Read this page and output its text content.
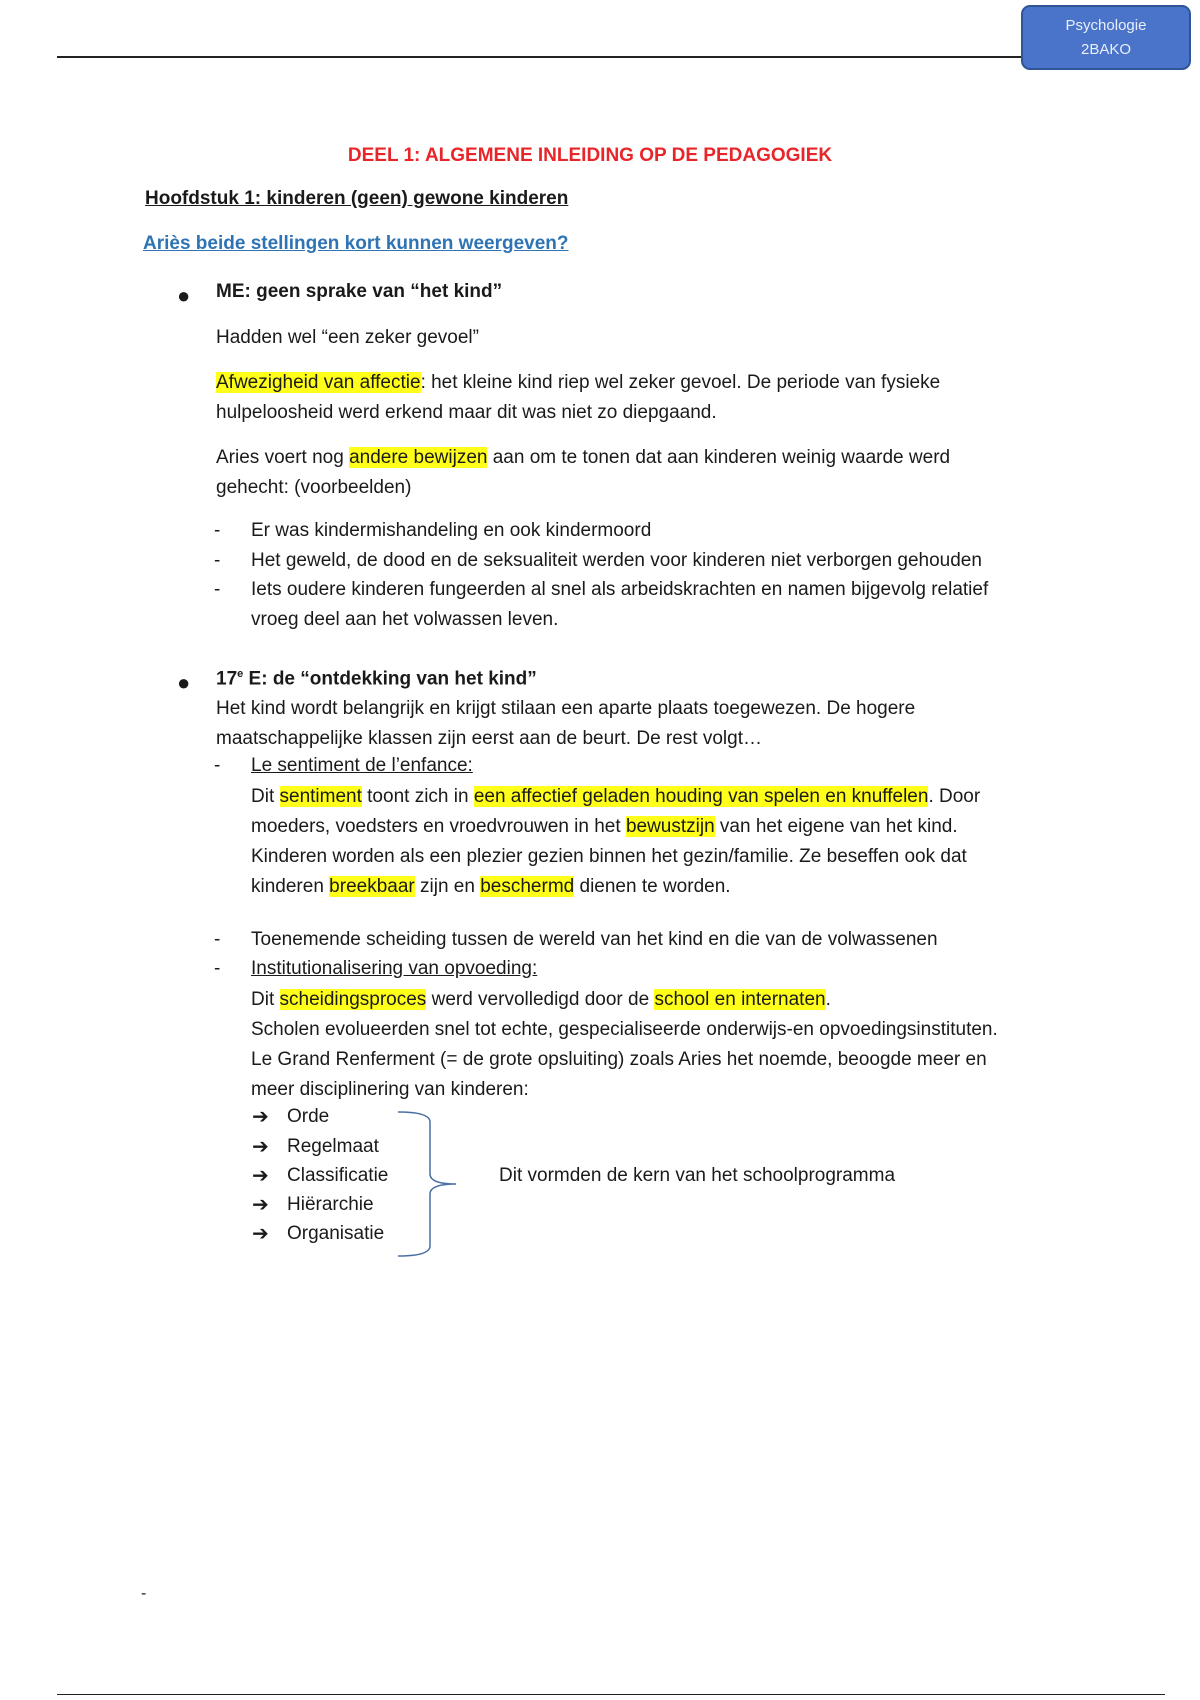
Psychologie
2BAKO
DEEL 1: ALGEMENE INLEIDING OP DE PEDAGOGIEK
Hoofdstuk 1: kinderen (geen) gewone kinderen
Ariès beide stellingen kort kunnen weergeven?
● ME: geen sprake van “het kind”
Hadden wel “een zeker gevoel”
Afwezigheid van affectie: het kleine kind riep wel zeker gevoel. De periode van fysieke
hulpeloosheid werd erkend maar dit was niet zo diepgaand.
Aries voert nog andere bewijzen aan om te tonen dat aan kinderen weinig waarde werd
gehecht: (voorbeelden)
- Er was kindermishandeling en ook kindermoord
- Het geweld, de dood en de seksualiteit werden voor kinderen niet verborgen gehouden
- Iets oudere kinderen fungeerden al snel als arbeidskrachten en namen bijgevolg relatief
vroeg deel aan het volwassen leven.
● 17e E: de “ontdekking van het kind”
Het kind wordt belangrijk en krijgt stilaan een aparte plaats toegewezen. De hogere
maatschappelijke klassen zijn eerst aan de beurt. De rest volgt…
- Le sentiment de l’enfance:
Dit sentiment toont zich in een affectief geladen houding van spelen en knuffelen. Door
moeders, voedsters en vroedvrouwen in het bewustzijn van het eigene van het kind.
Kinderen worden als een plezier gezien binnen het gezin/familie. Ze beseffen ook dat
kinderen breekbaar zijn en beschermd dienen te worden.
- Toenemende scheiding tussen de wereld van het kind en die van de volwassenen
- Institutionalisering van opvoeding:
Dit scheidingsproces werd vervolledigd door de school en internaten.
Scholen evolueerden snel tot echte, gespecialiseerde onderwijs-en opvoedingsinstituten.
Le Grand Renferment (= de grote opsluiting) zoals Aries het noemde, beoogde meer en
meer disciplinering van kinderen:
➔ Orde
➔ Regelmaat
➔ Classificatie
➔ Hiërarchie
➔ Organisatie
Dit vormden de kern van het schoolprogramma
-
